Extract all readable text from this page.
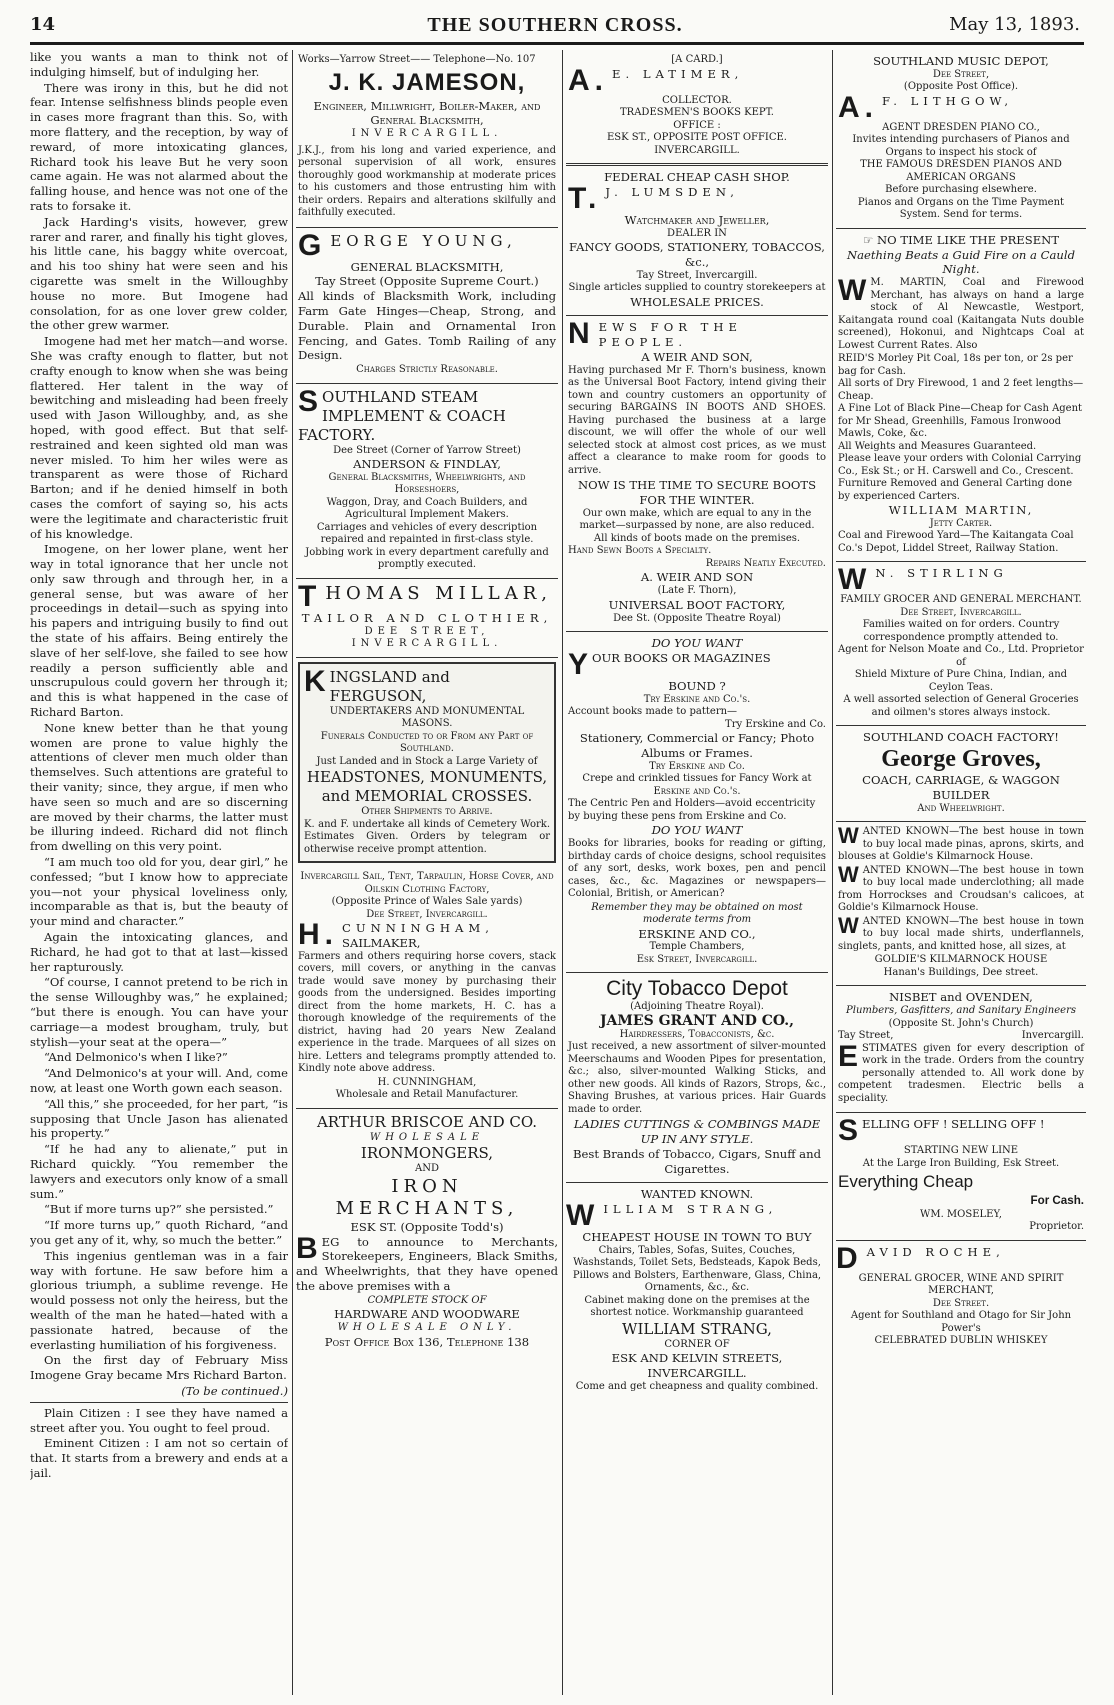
14	THE SOUTHERN CROSS.	May 13, 1893.

like you wants a man to think not of indulging himself, but of indulging her.

There was irony in this, but he did not fear. Intense selfishness blinds people even in cases more fragrant than this. So, with more flattery, and the reception, by way of reward, of more intoxicating glances, Richard took his leave But he very soon came again. He was not alarmed about the falling house, and hence was not one of the rats to forsake it.

Jack Harding's visits, however, grew rarer and rarer, and finally his tight gloves, his little cane, his baggy white overcoat, and his too shiny hat were seen and his cigarette was smelt in the Willoughby house no more. But Imogene had consolation, for as one lover grew colder, the other grew warmer.

Imogene had met her match—and worse. She was crafty enough to flatter, but not crafty enough to know when she was being flattered. Her talent in the way of bewitching and misleading had been freely used with Jason Willoughby, and, as she hoped, with good effect. But that self-restrained and keen sighted old man was never misled. To him her wiles were as transparent as were those of Richard Barton; and if he denied himself in both cases the comfort of saying so, his acts were the legitimate and characteristic fruit of his knowledge.

Imogene, on her lower plane, went her way in total ignorance that her uncle not only saw through and through her, in a general sense, but was aware of her proceedings in detail—such as spying into his papers and intriguing busily to find out the state of his affairs. Being entirely the slave of her self-love, she failed to see how readily a person sufficiently able and unscrupulous could govern her through it; and this is what happened in the case of Richard Barton.

None knew better than he that young women are prone to value highly the attentions of clever men much older than themselves. Such attentions are grateful to their vanity; since, they argue, if men who have seen so much and are so discerning are moved by their charms, the latter must be illuring indeed. Richard did not flinch from dwelling on this very point.

“I am much too old for you, dear girl,” he confessed; “but I know how to appreciate you—not your physical loveliness only, incomparable as that is, but the beauty of your mind and character.”

Again the intoxicating glances, and Richard, he had got to that at last—kissed her rapturously.

“Of course, I cannot pretend to be rich in the sense Willoughby was,” he explained; “but there is enough. You can have your carriage—a modest brougham, truly, but stylish—your seat at the opera—”

“And Delmonico's when I like?”

“And Delmonico's at your will. And, come now, at least one Worth gown each season.

“All this,” she proceeded, for her part, “is supposing that Uncle Jason has alienated his property.”

“If he had any to alienate,” put in Richard quickly. “You remember the lawyers and executors only know of a small sum.”

“But if more turns up?” she persisted.”

“If more turns up,” quoth Richard, “and you get any of it, why, so much the better.”

This ingenius gentleman was in a fair way with fortune. He saw before him a glorious triumph, a sublime revenge. He would possess not only the heiress, but the wealth of the man he hated—hated with a passionate hatred, because of the everlasting humiliation of his forgiveness.

On the first day of February Miss Imogene Gray became Mrs Richard Barton.

(To be continued.)

Plain Citizen : I see they have named a street after you. You ought to feel proud.

Eminent Citizen : I am not so certain of that. It starts from a brewery and ends at a jail.

Works—Yarrow Street—— Telephone—No. 107
J. K. JAMESON,
Engineer, Millwright, Boiler-Maker, and General Blacksmith,
INVERCARGILL.

J.K.J., from his long and varied experience, and personal supervision of all work, ensures thoroughly good workmanship at moderate prices to his customers and those entrusting him with their orders. Repairs and alterations skilfully and faithfully executed.

GEORGE YOUNG,
GENERAL BLACKSMITH,
Tay Street (Opposite Supreme Court.)

All kinds of Blacksmith Work, including Farm Gate Hinges—Cheap, Strong, and Durable. Plain and Ornamental Iron Fencing, and Gates. Tomb Railing of any Design.

Charges Strictly Reasonable.
SOUTHLAND STEAM IMPLEMENT & COACH FACTORY.
Dee Street (Corner of Yarrow Street)
ANDERSON & FINDLAY,
General Blacksmiths, Wheelwrights, and Horseshoers,
Waggon, Dray, and Coach Builders, and Agricultural Implement Makers.
Carriages and vehicles of every description repaired and repainted in first-class style.
Jobbing work in every department carefully and promptly executed.
THOMAS MILLAR,
TAILOR AND CLOTHIER,
DEE STREET,
INVERCARGILL.
KINGSLAND and FERGUSON,
UNDERTAKERS AND MONUMENTAL MASONS.
Funerals Conducted to or From any Part of Southland.
Just Landed and in Stock a Large Variety of
HEADSTONES, MONUMENTS, and MEMORIAL CROSSES.
Other Shipments to Arrive.

K. and F. undertake all kinds of Cemetery Work. Estimates Given. Orders by telegram or otherwise receive prompt attention.

Invercargill Sail, Tent, Tarpaulin, Horse Cover, and Oilskin Clothing Factory,
(Opposite Prince of Wales Sale yards)
Dee Street, Invercargill.
H. CUNNINGHAM,
SAILMAKER,

Farmers and others requiring horse covers, stack covers, mill covers, or anything in the canvas trade would save money by purchasing their goods from the undersigned. Besides importing direct from the home markets, H. C. has a thorough knowledge of the requirements of the district, having had 20 years New Zealand experience in the trade. Marquees of all sizes on hire. Letters and telegrams promptly attended to. Kindly note above address.

H. CUNNINGHAM,
Wholesale and Retail Manufacturer.
ARTHUR BRISCOE AND CO.
WHOLESALE
IRONMONGERS,
AND
IRON MERCHANTS,
ESK ST. (Opposite Todd's)

BEG to announce to Merchants, Storekeepers, Engineers, Black Smiths, and Wheelwrights, that they have opened the above premises with a

COMPLETE STOCK OF
HARDWARE AND WOODWARE
WHOLESALE ONLY.
Post Office Box 136, Telephone 138
[A CARD.]
A. E. LATIMER,
COLLECTOR.
TRADESMEN'S BOOKS KEPT.
OFFICE :
ESK ST., OPPOSITE POST OFFICE.
INVERCARGILL.
FEDERAL CHEAP CASH SHOP.
T. J. LUMSDEN,
Watchmaker and Jeweller,
DEALER IN
FANCY GOODS, STATIONERY, TOBACCOS, &c.,
Tay Street, Invercargill.
Single articles supplied to country storekeepers at
WHOLESALE PRICES.
NEWS FOR THE PEOPLE.
A WEIR AND SON,

Having purchased Mr F. Thorn's business, known as the Universal Boot Factory, intend giving their town and country customers an opportunity of securing BARGAINS IN BOOTS AND SHOES. Having purchased the business at a large discount, we will offer the whole of our well selected stock at almost cost prices, as we must affect a clearance to make room for goods to arrive.

NOW IS THE TIME TO SECURE BOOTS FOR THE WINTER.
Our own make, which are equal to any in the market—surpassed by none, are also reduced.
All kinds of boots made on the premises.
Hand Sewn Boots a Specialty.
Repairs Neatly Executed.
A. WEIR AND SON
(Late F. Thorn),
UNIVERSAL BOOT FACTORY,
Dee St. (Opposite Theatre Royal)
DO YOU WANT
YOUR BOOKS OR MAGAZINES
BOUND ?
Try Erskine and Co.'s.
Account books made to pattern—
Try Erskine and Co.
Stationery, Commercial or Fancy; Photo Albums or Frames.
Try Erskine and Co.
Crepe and crinkled tissues for Fancy Work at
Erskine and Co.'s.
The Centric Pen and Holders—avoid eccentricity by buying these pens from Erskine and Co.
DO YOU WANT

Books for libraries, books for reading or gifting, birthday cards of choice designs, school requisites of any sort, desks, work boxes, pen and pencil cases, &c., &c. Magazines or newspapers—Colonial, British, or American?

Remember they may be obtained on most moderate terms from
ERSKINE AND CO.,
Temple Chambers,
Esk Street, Invercargill.
City Tobacco Depot
(Adjoining Theatre Royal).
JAMES GRANT AND CO.,
Hairdressers, Tobacconists, &c.

Just received, a new assortment of silver-mounted Meerschaums and Wooden Pipes for presentation, &c.; also, silver-mounted Walking Sticks, and other new goods. All kinds of Razors, Strops, &c., Shaving Brushes, at various prices. Hair Guards made to order.

LADIES CUTTINGS & COMBINGS MADE UP IN ANY STYLE.
Best Brands of Tobacco, Cigars, Snuff and Cigarettes.
WANTED KNOWN.
WILLIAM STRANG,
CHEAPEST HOUSE IN TOWN TO BUY
Chairs, Tables, Sofas, Suites, Couches, Washstands, Toilet Sets, Bedsteads, Kapok Beds, Pillows and Bolsters, Earthenware, Glass, China, Ornaments, &c., &c.
Cabinet making done on the premises at the shortest notice. Workmanship guaranteed
WILLIAM STRANG,
CORNER OF
ESK AND KELVIN STREETS,
INVERCARGILL.
Come and get cheapness and quality combined.
SOUTHLAND MUSIC DEPOT,
Dee Street,
(Opposite Post Office).
A. F. LITHGOW,
AGENT DRESDEN PIANO CO.,
Invites intending purchasers of Pianos and Organs to inspect his stock of
THE FAMOUS DRESDEN PIANOS AND AMERICAN ORGANS
Before purchasing elsewhere.
Pianos and Organs on the Time Payment System. Send for terms.
☞ NO TIME LIKE THE PRESENT
Naething Beats a Guid Fire on a Cauld Night.

W M. MARTIN, Coal and Firewood Merchant, has always on hand a large stock of Al Newcastle, Westport, Kaitangata round coal (Kaitangata Nuts double screened), Hokonui, and Nightcaps Coal at Lowest Current Rates. Also

REID'S Morley Pit Coal, 18s per ton, or 2s per bag for Cash.
All sorts of Dry Firewood, 1 and 2 feet lengths—Cheap.
A Fine Lot of Black Pine—Cheap for Cash Agent for Mr Shead, Greenhills, Famous Ironwood Mawls, Coke, &c.
All Weights and Measures Guaranteed.
Please leave your orders with Colonial Carrying Co., Esk St.; or H. Carswell and Co., Crescent.
Furniture Removed and General Carting done by experienced Carters.
WILLIAM MARTIN,
Jetty Carter.
Coal and Firewood Yard—The Kaitangata Coal Co.'s Depot, Liddel Street, Railway Station.
W N. STIRLING
FAMILY GROCER AND GENERAL MERCHANT.
Dee Street, Invercargill.
Families waited on for orders. Country correspondence promptly attended to.
Agent for Nelson Moate and Co., Ltd. Proprietor of
Shield Mixture of Pure China, Indian, and Ceylon Teas.
A well assorted selection of General Groceries and oilmen's stores always instock.
SOUTHLAND COACH FACTORY!
George Groves,
COACH, CARRIAGE, & WAGGON BUILDER
And Wheelwright.

WANTED KNOWN—The best house in town to buy local made pinas, aprons, skirts, and blouses at Goldie's Kilmarnock House.

WANTED KNOWN—The best house in town to buy local made underclothing; all made from Horrockses and Croudsan's calicoes, at Goldie's Kilmarnock House.

WANTED KNOWN—The best house in town to buy local made shirts, underflannels, singlets, pants, and knitted hose, all sizes, at

GOLDIE'S KILMARNOCK HOUSE
Hanan's Buildings, Dee street.
NISBET and OVENDEN,
Plumbers, Gasfitters, and Sanitary Engineers
(Opposite St. John's Church)
Tay Street,	Invercargill.

ESTIMATES given for every description of work in the trade. Orders from the country personally attended to. All work done by competent tradesmen. Electric bells a speciality.

SELLING OFF ! SELLING OFF !
STARTING NEW LINE
At the Large Iron Building, Esk Street.
Everything Cheap
For Cash.
WM. MOSELEY,
Proprietor.
DAVID ROCHE,
GENERAL GROCER, WINE AND SPIRIT MERCHANT,
Dee Street.
Agent for Southland and Otago for Sir John Power's
CELEBRATED DUBLIN WHISKEY
